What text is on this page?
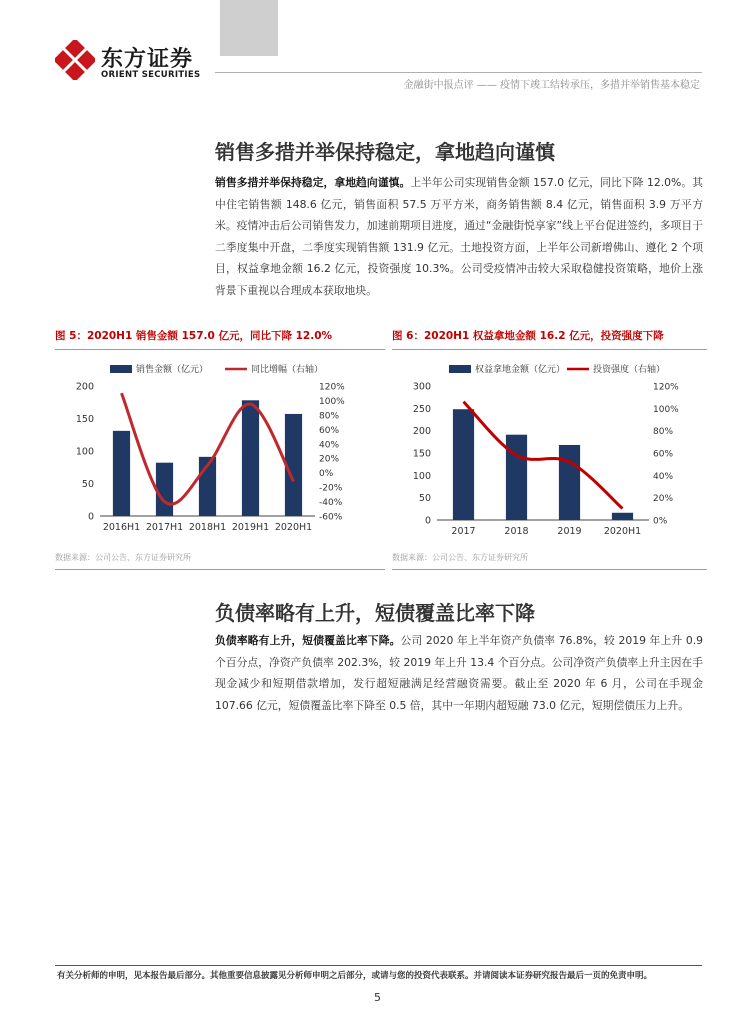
东方证券
ORIENT SECURITIES
金融街中报点评 —— 疫情下竣工结转承压，多措并举销售基本稳定
销售多措并举保持稳定，拿地趋向谨慎
销售多措并举保持稳定，拿地趋向谨慎。上半年公司实现销售金额 157.0 亿元，同比下降 12.0%。其中住宅销售额 148.6 亿元，销售面积 57.5 万平方米，商务销售额 8.4 亿元，销售面积 3.9 万平方米。疫情冲击后公司销售发力，加速前期项目进度，通过“金融街悦享家”线上平台促进签约，多项目于二季度集中开盘，二季度实现销售额 131.9 亿元。土地投资方面，上半年公司新增佛山、遵化 2 个项目，权益拿地金额 16.2 亿元，投资强度 10.3%。公司受疫情冲击较大采取稳健投资策略，地价上涨背景下重视以合理成本获取地块。
图 5：2020H1 销售金额 157.0 亿元，同比下降 12.0%
销售金额（亿元）	同比增幅（右轴）
0
50
100
150
200
-60%
-40%
-20%
0%
20%
40%
60%
80%
100%
120%
2016H1 2017H1 2018H1 2019H1 2020H1
数据来源：公司公告、东方证券研究所
图 6：2020H1 权益拿地金额 16.2 亿元，投资强度下降
权益拿地金额（亿元）	投资强度（右轴）
0
50
100
150
200
250
300
0%
20%
40%
60%
80%
100%
120%
2017	2018	2019 2020H1
数据来源：公司公告、东方证券研究所
负债率略有上升，短债覆盖比率下降
负债率略有上升，短债覆盖比率下降。公司 2020 年上半年资产负债率 76.8%，较 2019 年上升 0.9 个百分点，净资产负债率 202.3%，较 2019 年上升 13.4 个百分点。公司净资产负债率上升主因在手现金减少和短期借款增加，发行超短融满足经营融资需要。截止至 2020 年 6 月，公司在手现金 107.66 亿元，短债覆盖比率下降至 0.5 倍，其中一年期内超短融 73.0 亿元，短期偿债压力上升。
有关分析师的申明，见本报告最后部分。其他重要信息披露见分析师申明之后部分，或请与您的投资代表联系。并请阅读本证券研究报告最后一页的免责申明。
5
